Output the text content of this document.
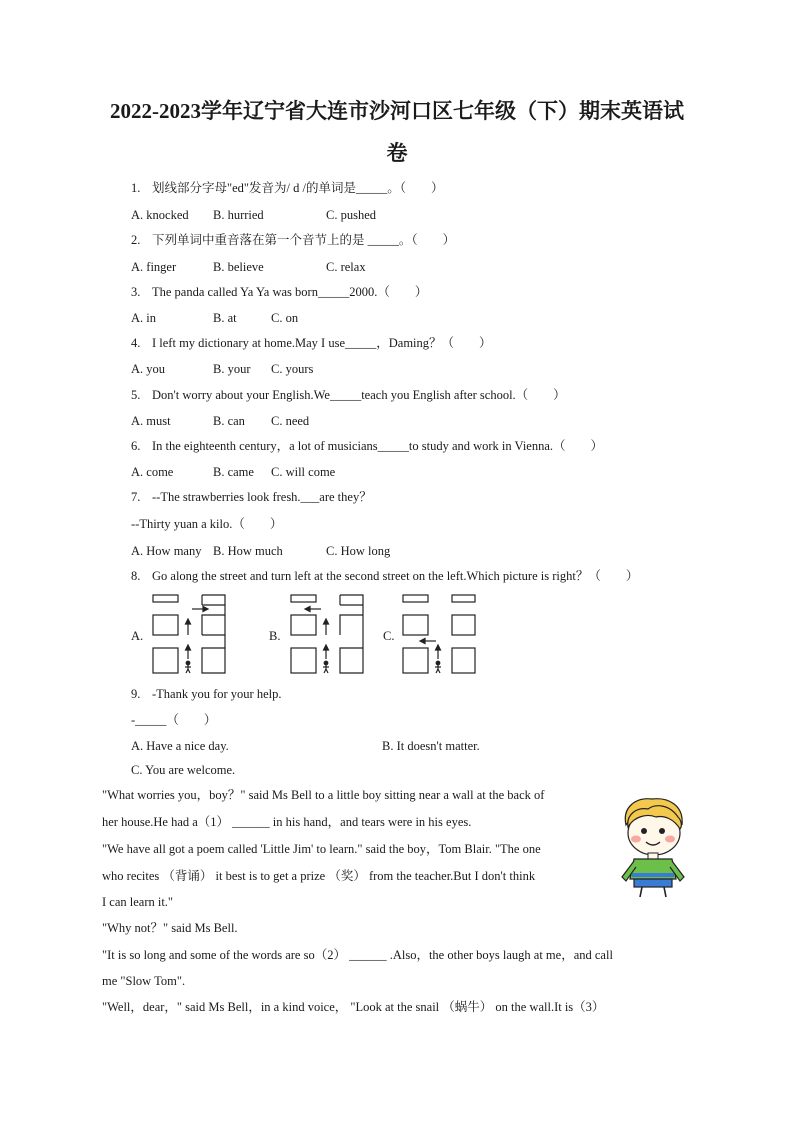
2022-2023学年辽宁省大连市沙河口区七年级（下）期末英语试
卷
1. 划线部分字母"ed"发音为/ d /的单词是_____。（　　）
A. knocked B. hurried	C. pushed
2. 下列单词中重音落在第一个音节上的是 _____。（　　）
A. finger	B. believe	C. relax
3. The panda called Ya Ya was born_____2000.（　　）
A. in	B. at	C. on
4. I left my dictionary at home.May I use_____，Daming？（　　）
A. you	B. your C. yours
5. Don't worry about your English.We_____teach you English after school.（　　）
A. must	B. can C. need
6. In the eighteenth century，a lot of musicians_____to study and work in Vienna.（　　）
A. come	B. came C. will come
7. --The strawberries look fresh.___are they？
--Thirty yuan a kilo.（　　）
A. How many B. How much	C. How long
8. Go along the street and turn left at the second street on the left.Which picture is right？（　　）
A.	B.	C.
9. -Thank you for your help.
-_____（　　）
A. Have a nice day.	B. It doesn't matter.
C. You are welcome.
"What worries you，boy？" said Ms Bell to a little boy sitting near a wall at the back of
her house.He had a（1） ______ in his hand，and tears were in his eyes.
"We have all got a poem called 'Little Jim' to learn." said the boy，Tom Blair. "The one
who recites （背诵） it best is to get a prize （奖） from the teacher.But I don't think
I can learn it."
"Why not？" said Ms Bell.
"It is so long and some of the words are so（2） ______ .Also，the other boys laugh at me，and call
me "Slow Tom".
"Well，dear，" said Ms Bell，in a kind voice， "Look at the snail （蜗牛） on the wall.It is（3）
